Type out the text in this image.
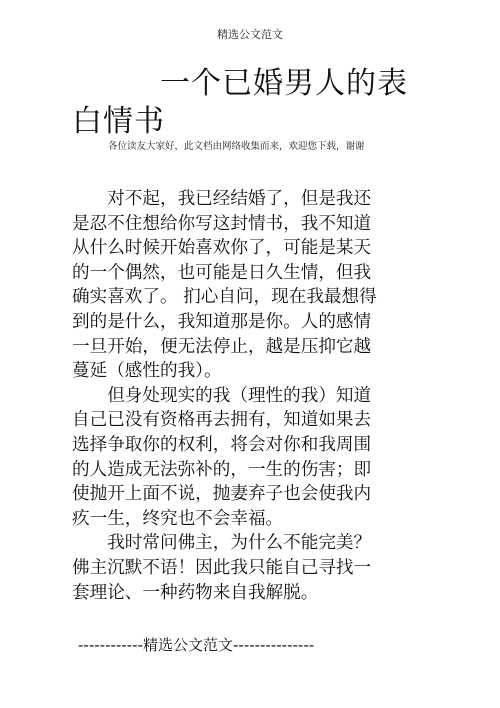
精选公文范文
一个已婚男人的表
白情书
各位读友大家好，此文档由网络收集而来，欢迎您下载，谢谢
　　对不起，我已经结婚了，但是我还
是忍不住想给你写这封情书，我不知道
从什么时候开始喜欢你了，可能是某天
的一个偶然，也可能是日久生情，但我
确实喜欢了。 扪心自问，现在我最想得
到的是什么，我知道那是你。人的感情
一旦开始，便无法停止，越是压抑它越
蔓延（感性的我）。
　　但身处现实的我（理性的我）知道
自己已没有资格再去拥有，知道如果去
选择争取你的权利，将会对你和我周围
的人造成无法弥补的，一生的伤害；即
使抛开上面不说，抛妻弃子也会使我内
疚一生，终究也不会幸福。
　　我时常问佛主，为什么不能完美？
佛主沉默不语！因此我只能自己寻找一
套理论、一种药物来自我解脱。
------------精选公文范文---------------
